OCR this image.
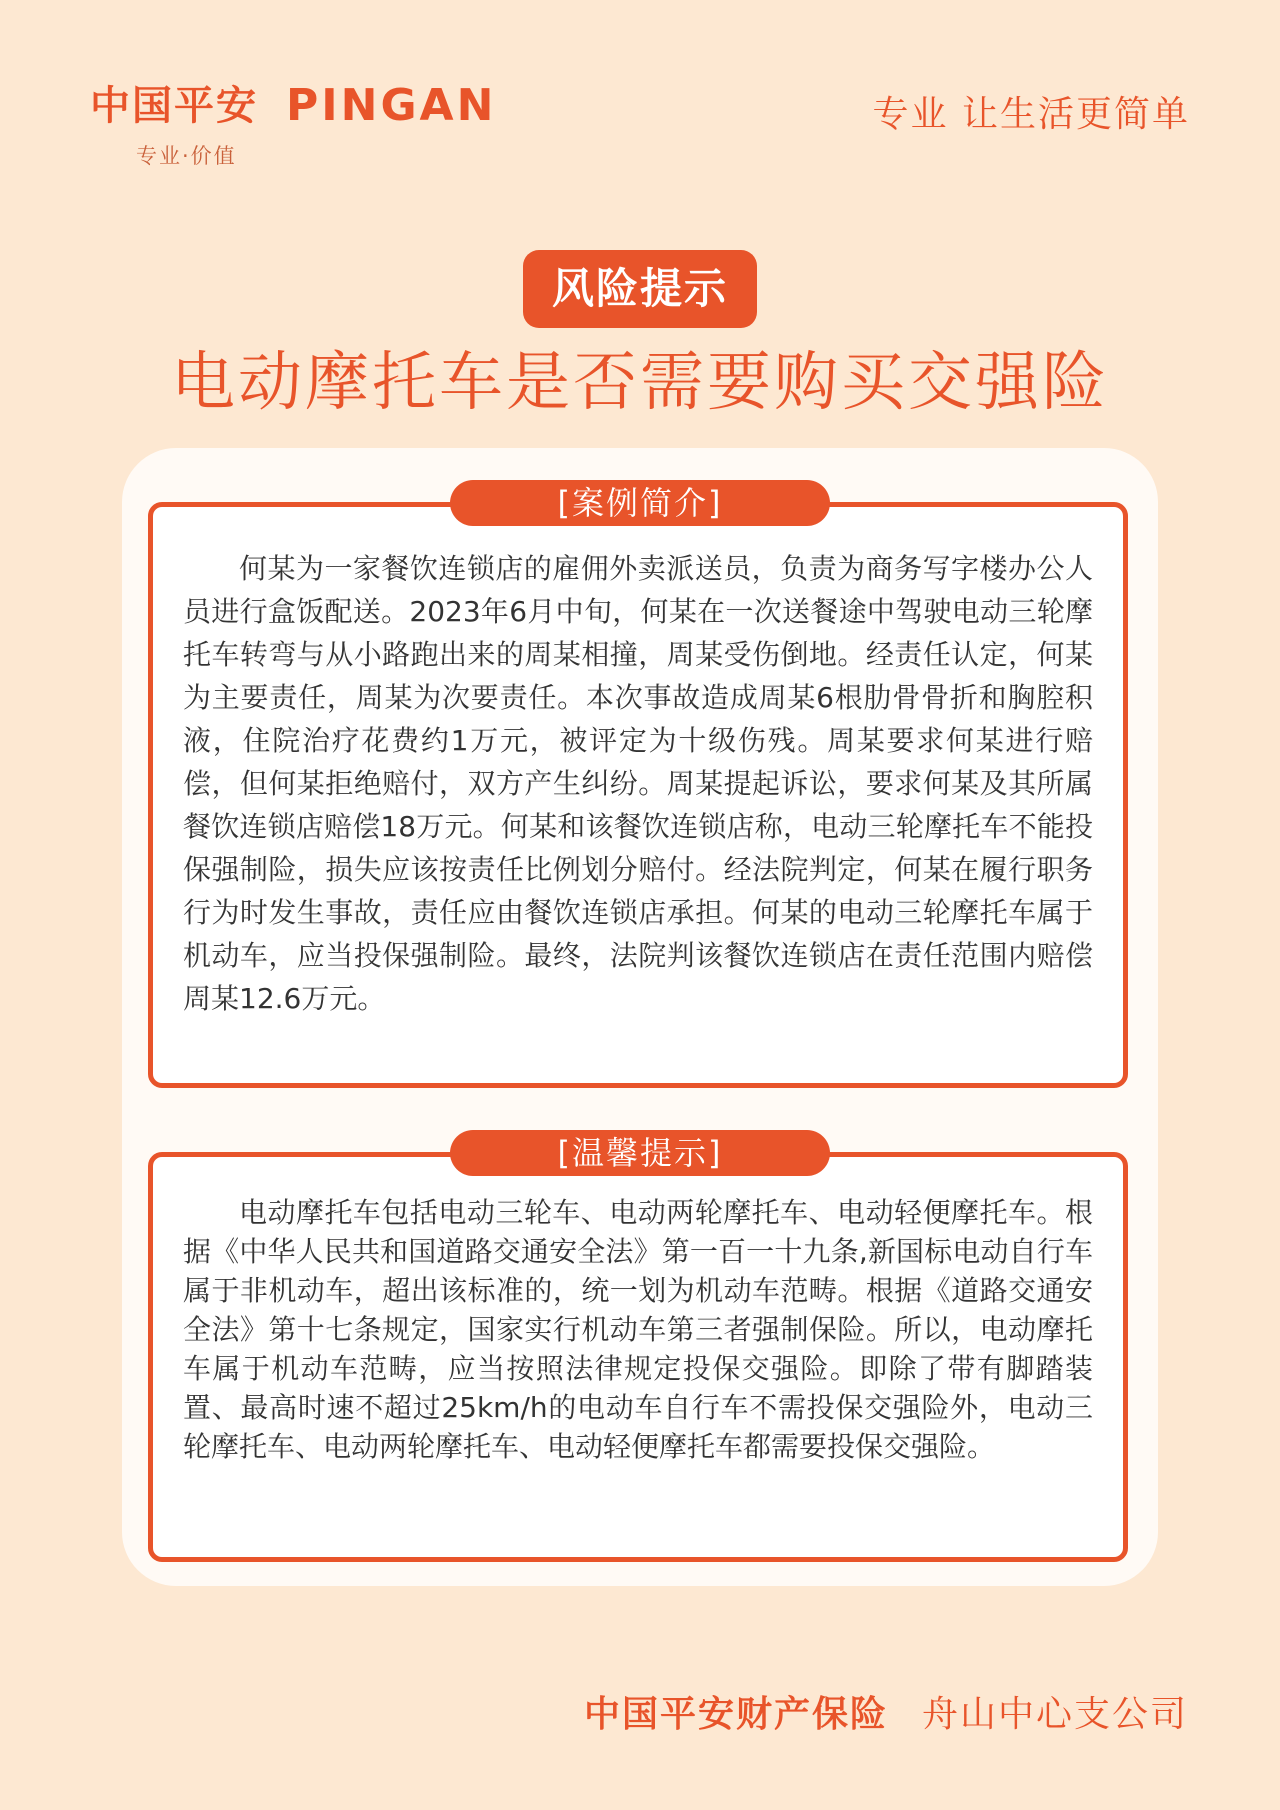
中国平安 PINGAN
专业·价值
专业 让生活更简单
风险提示
电动摩托车是否需要购买交强险

何某为一家餐饮连锁店的雇佣外卖派送员，负责为商务写字楼办公人员进行盒饭配送。2023年6月中旬，何某在一次送餐途中驾驶电动三轮摩托车转弯与从小路跑出来的周某相撞，周某受伤倒地。经责任认定，何某为主要责任，周某为次要责任。本次事故造成周某6根肋骨骨折和胸腔积液，住院治疗花费约1万元，被评定为十级伤残。周某要求何某进行赔偿，但何某拒绝赔付，双方产生纠纷。周某提起诉讼，要求何某及其所属餐饮连锁店赔偿18万元。何某和该餐饮连锁店称，电动三轮摩托车不能投保强制险，损失应该按责任比例划分赔付。经法院判定，何某在履行职务行为时发生事故，责任应由餐饮连锁店承担。何某的电动三轮摩托车属于机动车，应当投保强制险。最终，法院判该餐饮连锁店在责任范围内赔偿周某12.6万元。

[案例简介]

电动摩托车包括电动三轮车、电动两轮摩托车、电动轻便摩托车。根据《中华人民共和国道路交通安全法》第一百一十九条,新国标电动自行车属于非机动车，超出该标准的，统一划为机动车范畴。根据《道路交通安全法》第十七条规定，国家实行机动车第三者强制保险。所以，电动摩托车属于机动车范畴，应当按照法律规定投保交强险。即除了带有脚踏装置、最高时速不超过25km/h的电动车自行车不需投保交强险外，电动三轮摩托车、电动两轮摩托车、电动轻便摩托车都需要投保交强险。

[温馨提示]
中国平安财产保险 舟山中心支公司
